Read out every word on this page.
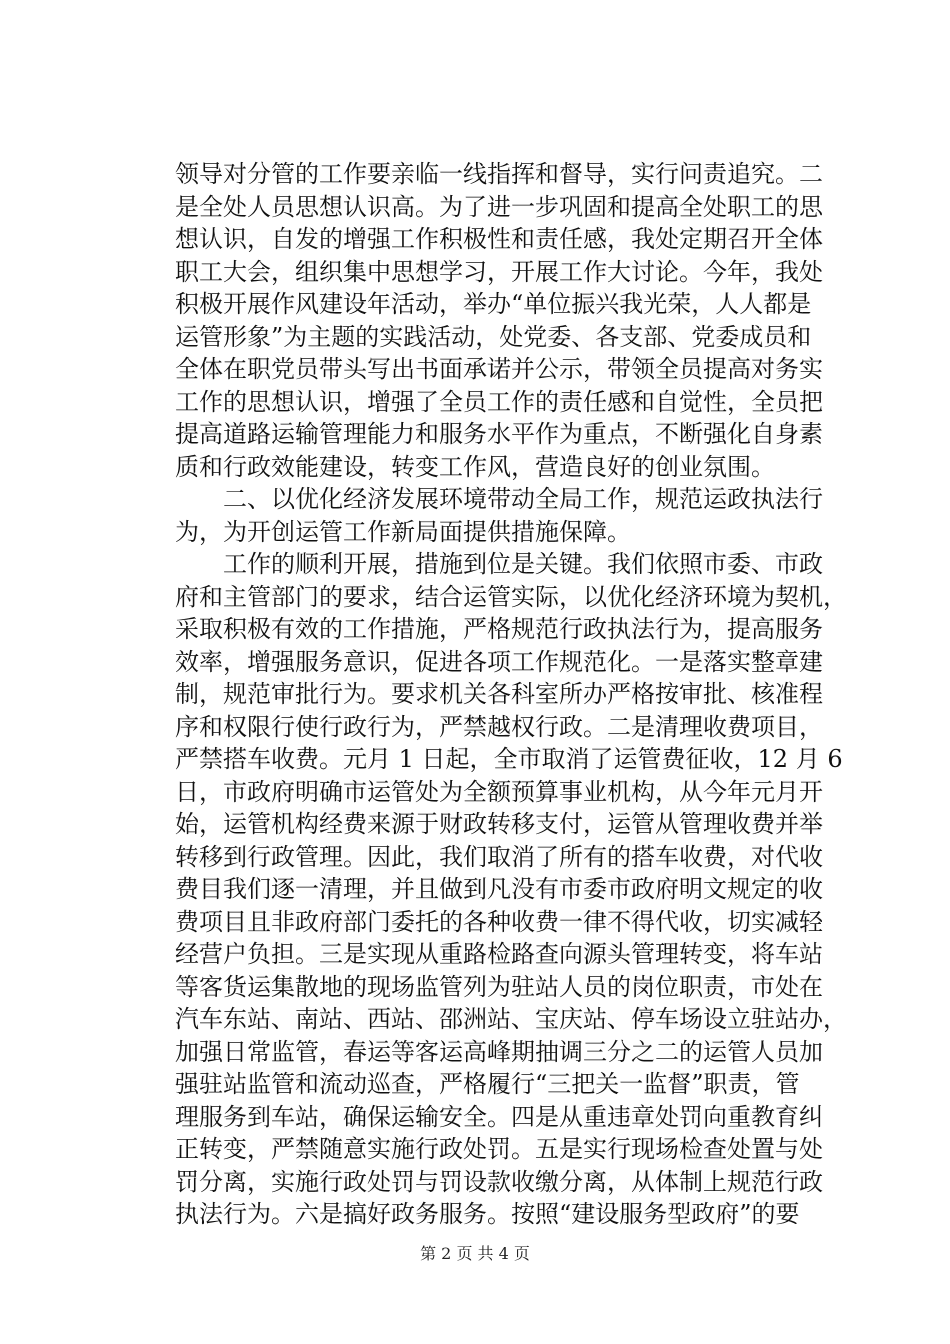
领导对分管的工作要亲临一线指挥和督导，实行问责追究。二
是全处人员思想认识高。为了进一步巩固和提高全处职工的思
想认识，自发的增强工作积极性和责任感，我处定期召开全体
职工大会，组织集中思想学习，开展工作大讨论。今年，我处
积极开展作风建设年活动，举办“单位振兴我光荣，人人都是
运管形象”为主题的实践活动，处党委、各支部、党委成员和
全体在职党员带头写出书面承诺并公示，带领全员提高对务实
工作的思想认识，增强了全员工作的责任感和自觉性，全员把
提高道路运输管理能力和服务水平作为重点，不断强化自身素
质和行政效能建设，转变工作风，营造良好的创业氛围。
　　二、以优化经济发展环境带动全局工作，规范运政执法行
为，为开创运管工作新局面提供措施保障。
　　工作的顺利开展，措施到位是关键。我们依照市委、市政
府和主管部门的要求，结合运管实际，以优化经济环境为契机，
采取积极有效的工作措施，严格规范行政执法行为，提高服务
效率，增强服务意识，促进各项工作规范化。一是落实整章建
制，规范审批行为。要求机关各科室所办严格按审批、核准程
序和权限行使行政行为，严禁越权行政。二是清理收费项目，
严禁搭车收费。元月 1 日起，全市取消了运管费征收，12 月 6
日，市政府明确市运管处为全额预算事业机构，从今年元月开
始，运管机构经费来源于财政转移支付，运管从管理收费并举
转移到行政管理。因此，我们取消了所有的搭车收费，对代收
费目我们逐一清理，并且做到凡没有市委市政府明文规定的收
费项目且非政府部门委托的各种收费一律不得代收，切实减轻
经营户负担。三是实现从重路检路查向源头管理转变，将车站
等客货运集散地的现场监管列为驻站人员的岗位职责，市处在
汽车东站、南站、西站、邵洲站、宝庆站、停车场设立驻站办，
加强日常监管，春运等客运高峰期抽调三分之二的运管人员加
强驻站监管和流动巡查，严格履行“三把关一监督”职责，管
理服务到车站，确保运输安全。四是从重违章处罚向重教育纠
正转变，严禁随意实施行政处罚。五是实行现场检查处置与处
罚分离，实施行政处罚与罚设款收缴分离，从体制上规范行政
执法行为。六是搞好政务服务。按照“建设服务型政府”的要
第 2 页 共 4 页
